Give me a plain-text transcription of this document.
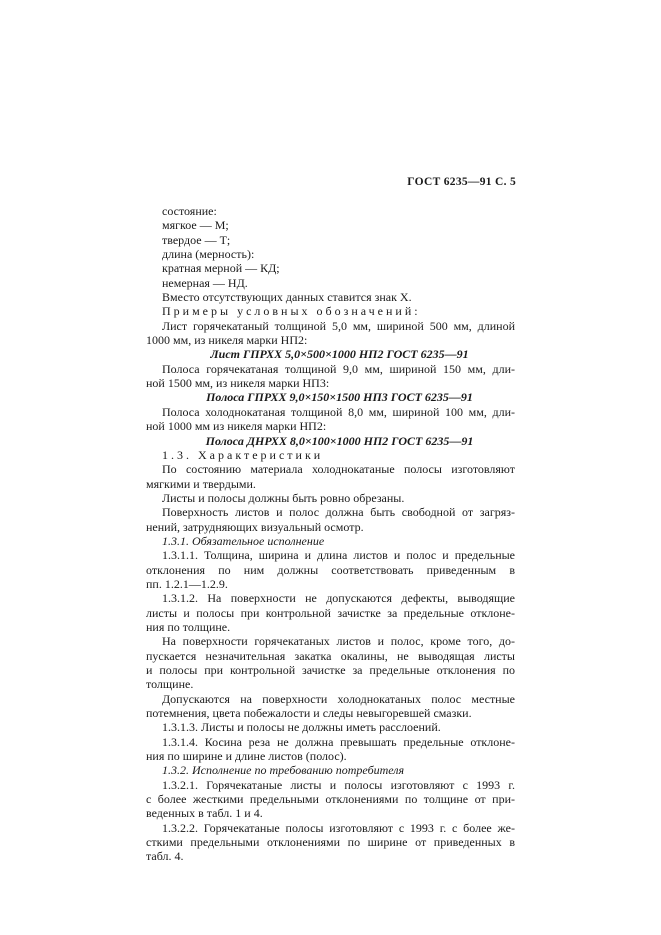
ГОСТ 6235—91 С. 5
состояние:
мягкое — М;
твердое — Т;
длина (мерность):
кратная мерной — КД;
немерная — НД.
Вместо отсутствующих данных ставится знак X.
Примеры условных обозначений:
Лист горячекатаный толщиной 5,0 мм, шириной 500 мм, длиной
1000 мм, из никеля марки НП2:
Лист ГПРХХ 5,0×500×1000 НП2 ГОСТ 6235—91
Полоса горячекатаная толщиной 9,0 мм, шириной 150 мм, дли-
ной 1500 мм, из никеля марки НП3:
Полоса ГПРХХ 9,0×150×1500 НП3 ГОСТ 6235—91
Полоса холоднокатаная толщиной 8,0 мм, шириной 100 мм, дли-
ной 1000 мм из никеля марки НП2:
Полоса ДНРХХ 8,0×100×1000 НП2 ГОСТ 6235—91
1.3. Характеристики
По состоянию материала холоднокатаные полосы изготовляют
мягкими и твердыми.
Листы и полосы должны быть ровно обрезаны.
Поверхность листов и полос должна быть свободной от загряз-
нений, затрудняющих визуальный осмотр.
1.3.1. Обязательное исполнение
1.3.1.1. Толщина, ширина и длина листов и полос и предельные
отклонения по ним должны соответствовать приведенным в
пп. 1.2.1—1.2.9.
1.3.1.2. На поверхности не допускаются дефекты, выводящие
листы и полосы при контрольной зачистке за предельные отклоне-
ния по толщине.
На поверхности горячекатаных листов и полос, кроме того, до-
пускается незначительная закатка окалины, не выводящая листы
и полосы при контрольной зачистке за предельные отклонения по
толщине.
Допускаются на поверхности холоднокатаных полос местные
потемнения, цвета побежалости и следы невыгоревшей смазки.
1.3.1.3. Листы и полосы не должны иметь расслоений.
1.3.1.4. Косина реза не должна превышать предельные отклоне-
ния по ширине и длине листов (полос).
1.3.2. Исполнение по требованию потребителя
1.3.2.1. Горячекатаные листы и полосы изготовляют с 1993 г.
с более жесткими предельными отклонениями по толщине от при-
веденных в табл. 1 и 4.
1.3.2.2. Горячекатаные полосы изготовляют с 1993 г. с более же-
сткими предельными отклонениями по ширине от приведенных в
табл. 4.
